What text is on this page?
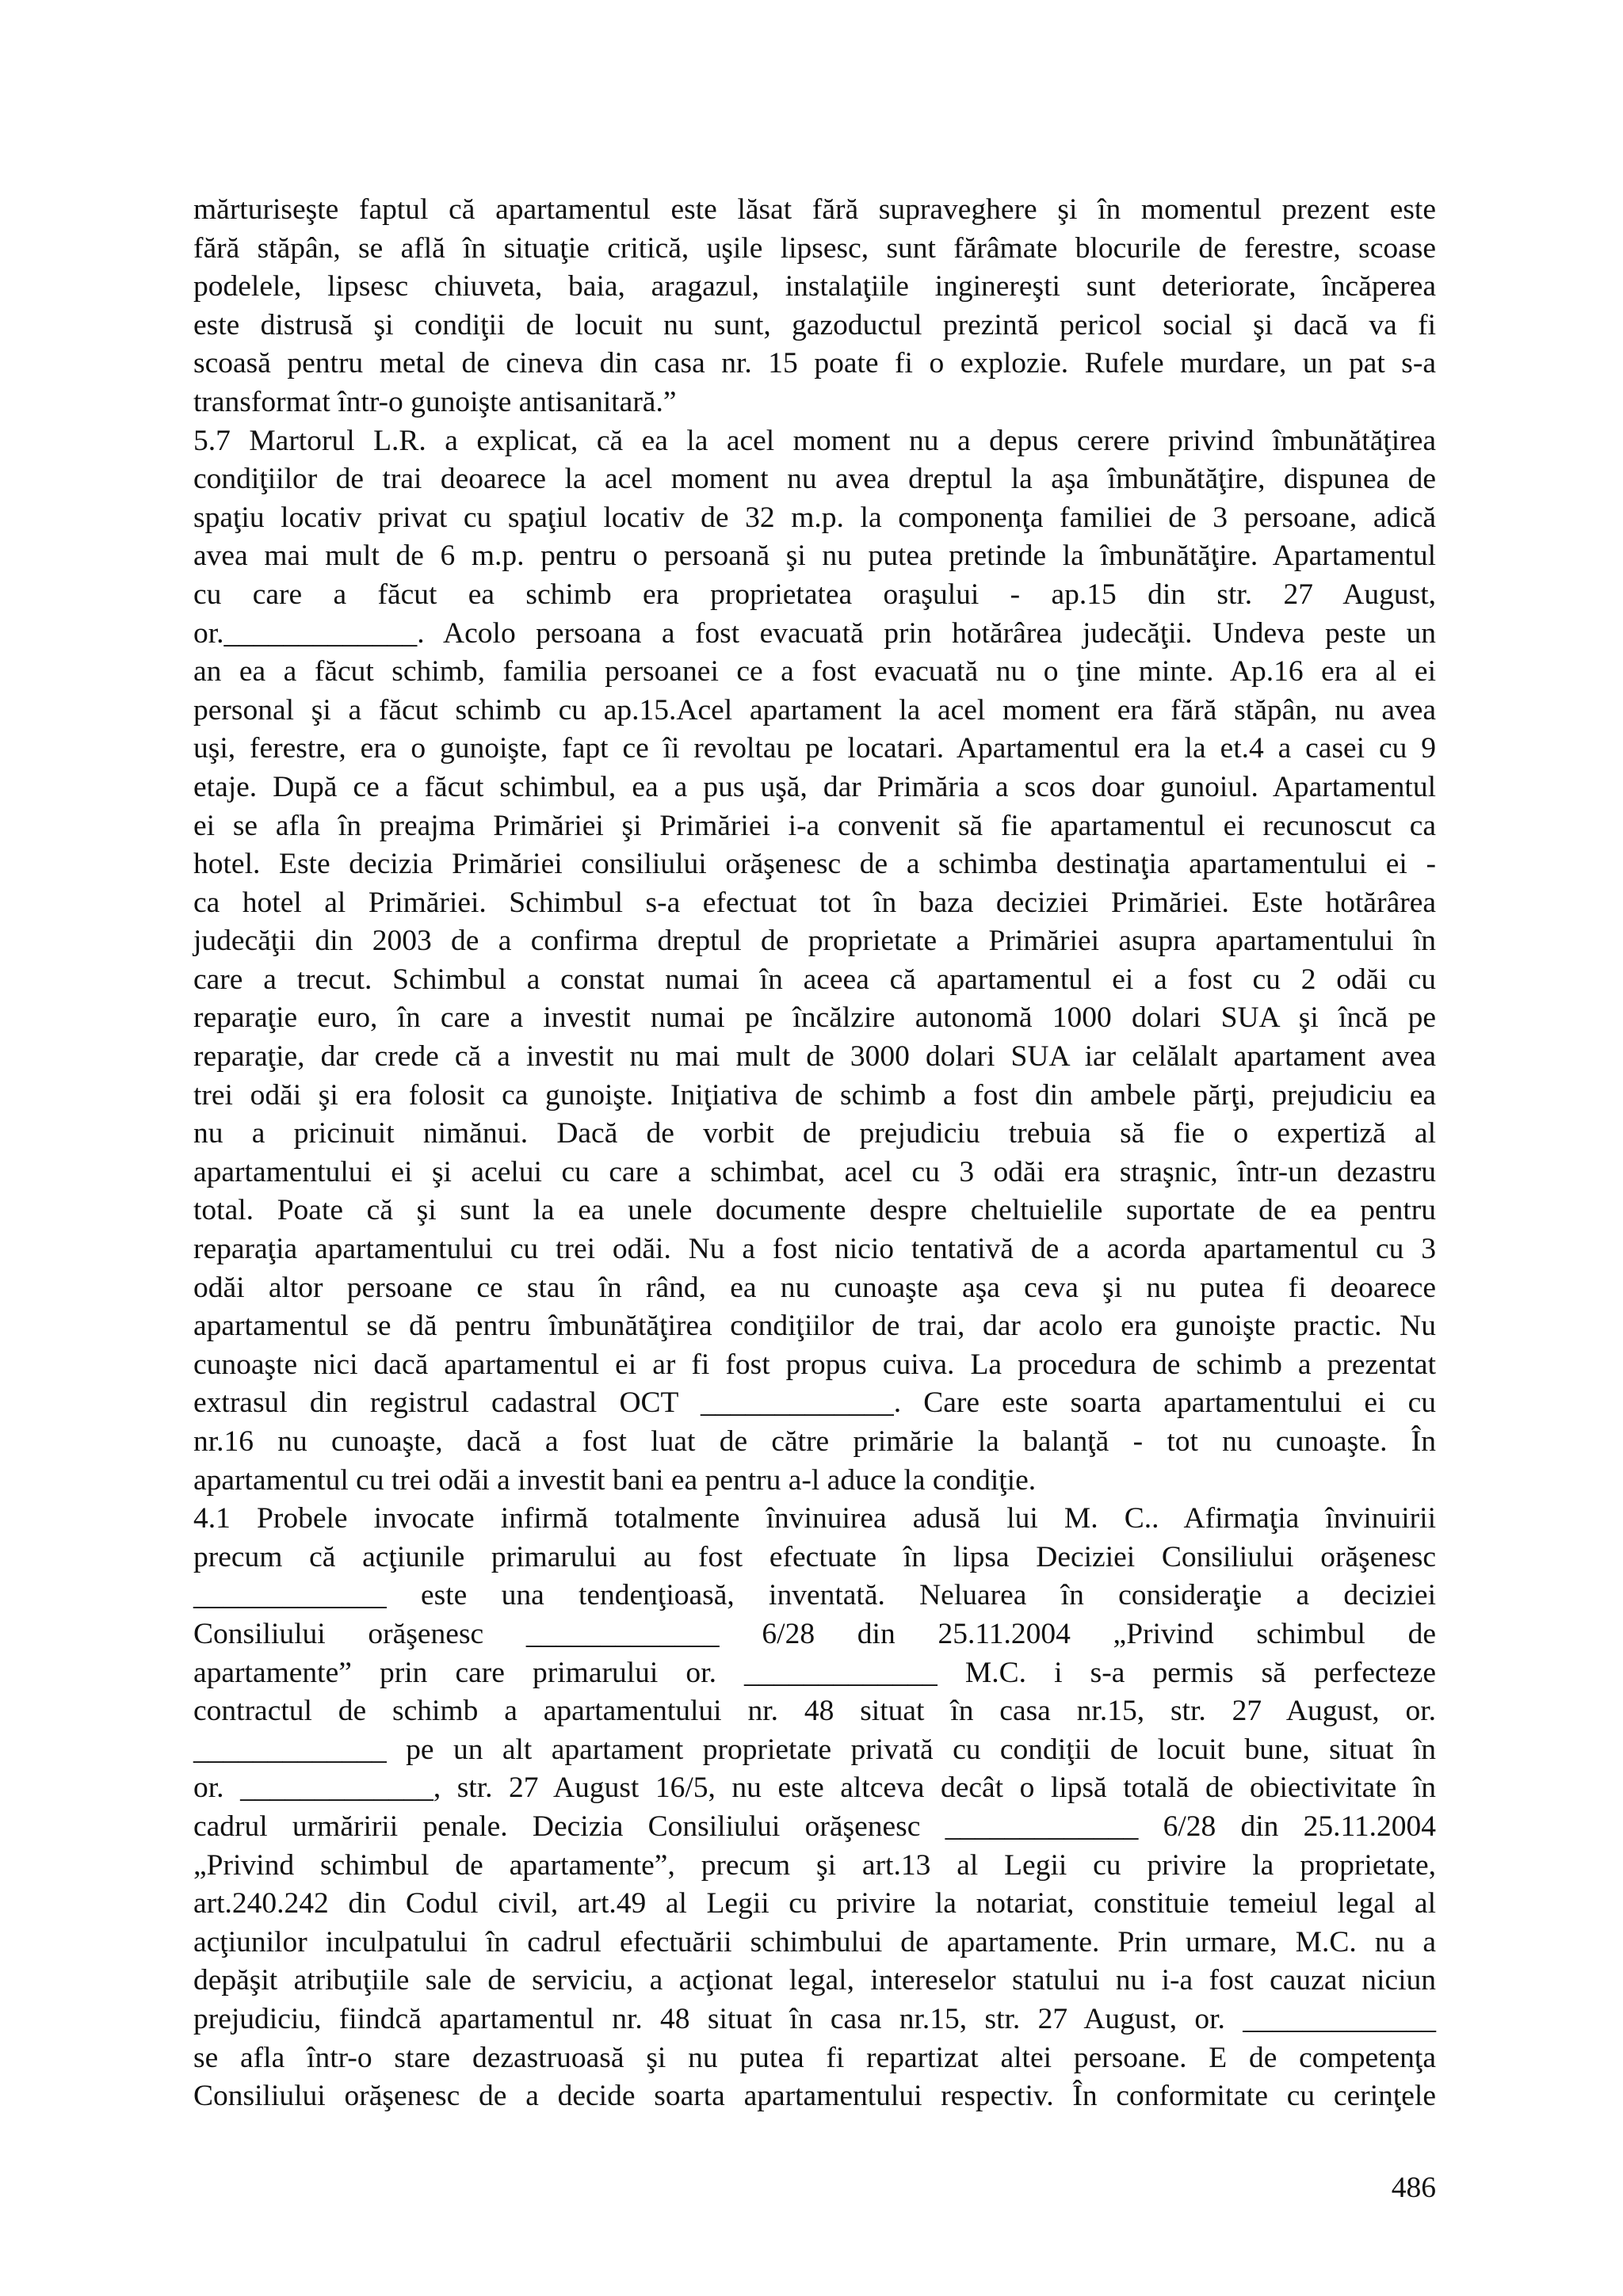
mărturiseşte faptul că apartamentul este lăsat fără supraveghere şi în momentul prezent este
fără stăpân, se află în situaţie critică, uşile lipsesc, sunt fărâmate blocurile de ferestre, scoase
podelele, lipsesc chiuveta, baia, aragazul, instalaţiile inginereşti sunt deteriorate, încăperea
este distrusă şi condiţii de locuit nu sunt, gazoductul prezintă pericol social şi dacă va fi
scoasă pentru metal de cineva din casa nr. 15 poate fi o explozie. Rufele murdare, un pat s-a
transformat într-o gunoişte antisanitară.”
5.7 Martorul L.R. a explicat, că ea la acel moment nu a depus cerere privind îmbunătăţirea
condiţiilor de trai deoarece la acel moment nu avea dreptul la aşa îmbunătăţire, dispunea de
spaţiu locativ privat cu spaţiul locativ de 32 m.p. la componenţa familiei de 3 persoane, adică
avea mai mult de 6 m.p. pentru o persoană şi nu putea pretinde la îmbunătăţire. Apartamentul
cu care a făcut ea schimb era proprietatea oraşului - ap.15 din str. 27 August,
or._____________. Acolo persoana a fost evacuată prin hotărârea judecăţii. Undeva peste un
an ea a făcut schimb, familia persoanei ce a fost evacuată nu o ţine minte. Ap.16 era al ei
personal şi a făcut schimb cu ap.15.Acel apartament la acel moment era fără stăpân, nu avea
uşi, ferestre, era o gunoişte, fapt ce îi revoltau pe locatari. Apartamentul era la et.4 a casei cu 9
etaje. După ce a făcut schimbul, ea a pus uşă, dar Primăria a scos doar gunoiul. Apartamentul
ei se afla în preajma Primăriei şi Primăriei i-a convenit să fie apartamentul ei recunoscut ca
hotel. Este decizia Primăriei consiliului orăşenesc de a schimba destinaţia apartamentului ei -
ca hotel al Primăriei. Schimbul s-a efectuat tot în baza deciziei Primăriei. Este hotărârea
judecăţii din 2003 de a confirma dreptul de proprietate a Primăriei asupra apartamentului în
care a trecut. Schimbul a constat numai în aceea că apartamentul ei a fost cu 2 odăi cu
reparaţie euro, în care a investit numai pe încălzire autonomă 1000 dolari SUA şi încă pe
reparaţie, dar crede că a investit nu mai mult de 3000 dolari SUA iar celălalt apartament avea
trei odăi şi era folosit ca gunoişte. Iniţiativa de schimb a fost din ambele părţi, prejudiciu ea
nu a pricinuit nimănui. Dacă de vorbit de prejudiciu trebuia să fie o expertiză al
apartamentului ei şi acelui cu care a schimbat, acel cu 3 odăi era straşnic, într-un dezastru
total. Poate că şi sunt la ea unele documente despre cheltuielile suportate de ea pentru
reparaţia apartamentului cu trei odăi. Nu a fost nicio tentativă de a acorda apartamentul cu 3
odăi altor persoane ce stau în rând, ea nu cunoaşte aşa ceva şi nu putea fi deoarece
apartamentul se dă pentru îmbunătăţirea condiţiilor de trai, dar acolo era gunoişte practic. Nu
cunoaşte nici dacă apartamentul ei ar fi fost propus cuiva. La procedura de schimb a prezentat
extrasul din registrul cadastral OCT _____________. Care este soarta apartamentului ei cu
nr.16 nu cunoaşte, dacă a fost luat de către primărie la balanţă - tot nu cunoaşte. În
apartamentul cu trei odăi a investit bani ea pentru a-l aduce la condiţie.
4.1 Probele invocate infirmă totalmente învinuirea adusă lui M. C.. Afirmaţia învinuirii
precum că acţiunile primarului au fost efectuate în lipsa Deciziei Consiliului orăşenesc
_____________ este una tendenţioasă, inventată. Neluarea în consideraţie a deciziei
Consiliului orăşenesc _____________ 6/28 din 25.11.2004 „Privind schimbul de
apartamente” prin care primarului or. _____________ M.C. i s-a permis să perfecteze
contractul de schimb a apartamentului nr. 48 situat în casa nr.15, str. 27 August, or.
_____________ pe un alt apartament proprietate privată cu condiţii de locuit bune, situat în
or. _____________, str. 27 August 16/5, nu este altceva decât o lipsă totală de obiectivitate în
cadrul urmăririi penale. Decizia Consiliului orăşenesc _____________ 6/28 din 25.11.2004
„Privind schimbul de apartamente”, precum şi art.13 al Legii cu privire la proprietate,
art.240.242 din Codul civil, art.49 al Legii cu privire la notariat, constituie temeiul legal al
acţiunilor inculpatului în cadrul efectuării schimbului de apartamente. Prin urmare, M.C. nu a
depăşit atribuţiile sale de serviciu, a acţionat legal, intereselor statului nu i-a fost cauzat niciun
prejudiciu, fiindcă apartamentul nr. 48 situat în casa nr.15, str. 27 August, or. _____________
se afla într-o stare dezastruoasă şi nu putea fi repartizat altei persoane. E de competenţa
Consiliului orăşenesc de a decide soarta apartamentului respectiv. În conformitate cu cerinţele
486
